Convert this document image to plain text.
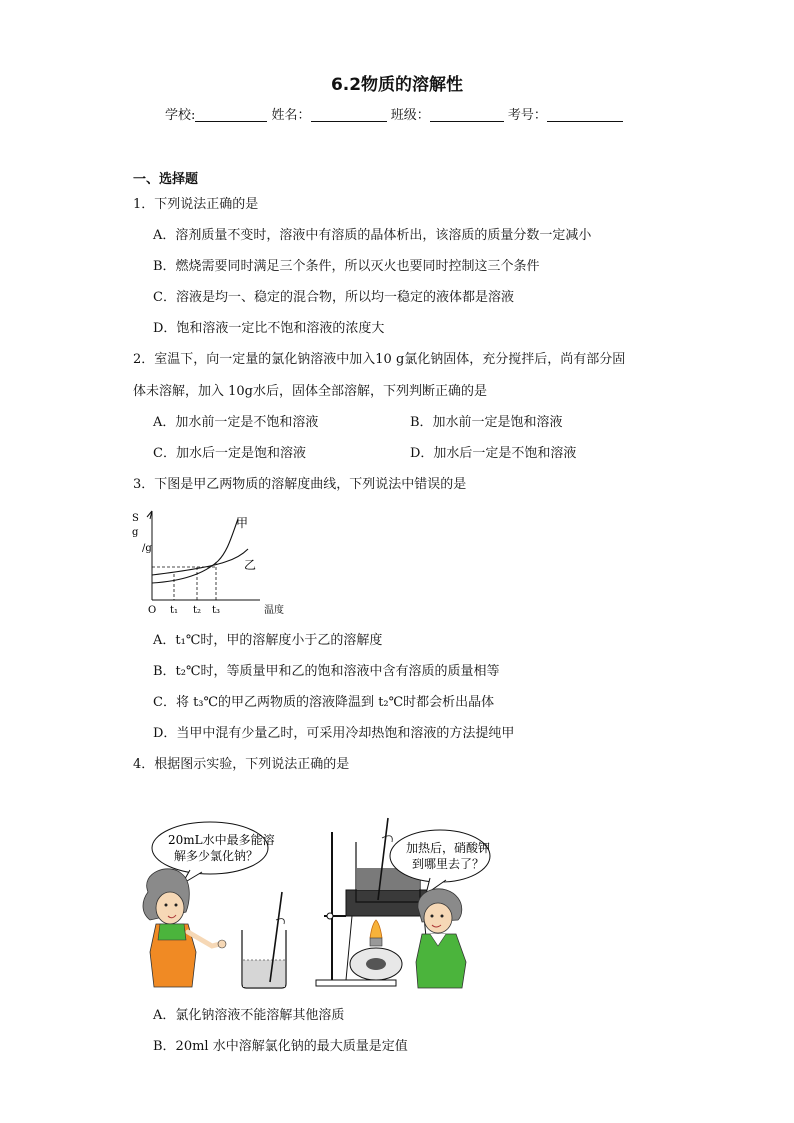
6.2物质的溶解性
学校:	姓名：	班级：	考号：
一、选择题
1．下列说法正确的是
A．溶剂质量不变时，溶液中有溶质的晶体析出，该溶质的质量分数一定减小
B．燃烧需要同时满足三个条件，所以灭火也要同时控制这三个条件
C．溶液是均一、稳定的混合物，所以均一稳定的液体都是溶液
D．饱和溶液一定比不饱和溶液的浓度大
2．室温下，向一定量的氯化钠溶液中加入10 g氯化钠固体，充分搅拌后，尚有部分固
体未溶解，加入 10g水后，固体全部溶解，下列判断正确的是
A．加水前一定是不饱和溶液	B．加水前一定是饱和溶液
C．加水后一定是饱和溶液	D．加水后一定是不饱和溶液
3．下图是甲乙两物质的溶解度曲线，下列说法中错误的是
S
g
/g
O t₁ t₂ t₃	温度
甲
乙
A．t₁℃时，甲的溶解度小于乙的溶解度
B．t₂℃时，等质量甲和乙的饱和溶液中含有溶质的质量相等
C．将 t₃℃的甲乙两物质的溶液降温到 t₂℃时都会析出晶体
D．当甲中混有少量乙时，可采用冷却热饱和溶液的方法提纯甲
4．根据图示实验，下列说法正确的是
20mL水中最多能溶
解多少氯化钠？
加热后，硝酸钾
到哪里去了？
A．氯化钠溶液不能溶解其他溶质
B．20ml 水中溶解氯化钠的最大质量是定值
